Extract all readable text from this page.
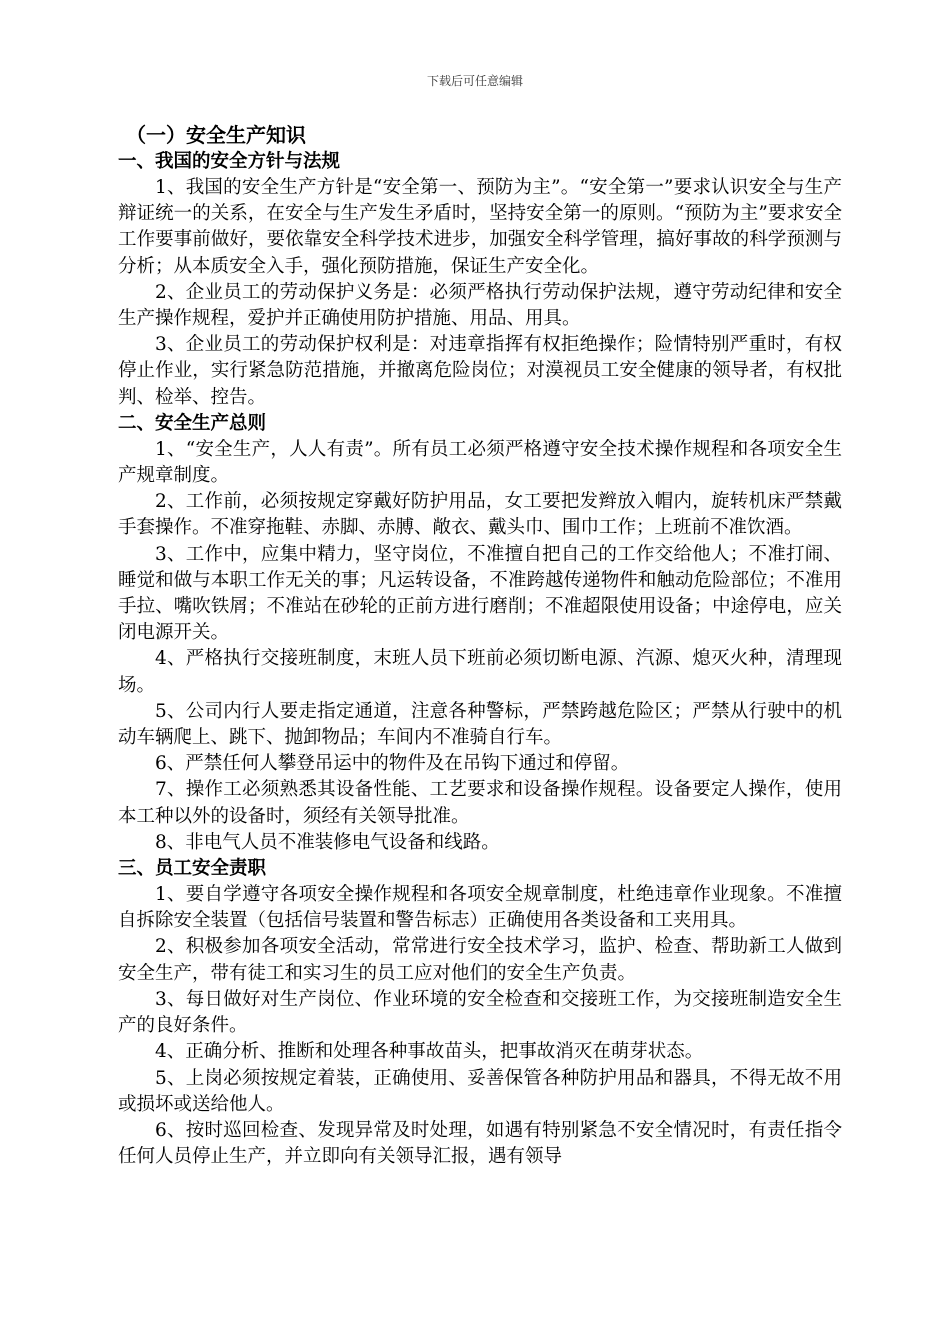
下载后可任意编辑
（一）安全生产知识
一、我国的安全方针与法规

1、我国的安全生产方针是“安全第一、预防为主”。“安全第一”要求认识安全与生产辩证统一的关系，在安全与生产发生矛盾时，坚持安全第一的原则。“预防为主”要求安全工作要事前做好，要依靠安全科学技术进步，加强安全科学管理，搞好事故的科学预测与分析；从本质安全入手，强化预防措施，保证生产安全化。

2、企业员工的劳动保护义务是：必须严格执行劳动保护法规，遵守劳动纪律和安全生产操作规程，爱护并正确使用防护措施、用品、用具。

3、企业员工的劳动保护权利是：对违章指挥有权拒绝操作；险情特别严重时，有权停止作业，实行紧急防范措施，并撤离危险岗位；对漠视员工安全健康的领导者，有权批判、检举、控告。

二、安全生产总则

1、“安全生产，人人有责”。所有员工必须严格遵守安全技术操作规程和各项安全生产规章制度。

2、工作前，必须按规定穿戴好防护用品，女工要把发辫放入帽内，旋转机床严禁戴手套操作。不准穿拖鞋、赤脚、赤膊、敞衣、戴头巾、围巾工作；上班前不准饮酒。

3、工作中，应集中精力，坚守岗位，不准擅自把自己的工作交给他人；不准打闹、睡觉和做与本职工作无关的事；凡运转设备，不准跨越传递物件和触动危险部位；不准用手拉、嘴吹铁屑；不准站在砂轮的正前方进行磨削；不准超限使用设备；中途停电，应关闭电源开关。

4、严格执行交接班制度，末班人员下班前必须切断电源、汽源、熄灭火种，清理现场。

5、公司内行人要走指定通道，注意各种警标，严禁跨越危险区；严禁从行驶中的机动车辆爬上、跳下、抛卸物品；车间内不准骑自行车。

6、严禁任何人攀登吊运中的物件及在吊钩下通过和停留。

7、操作工必须熟悉其设备性能、工艺要求和设备操作规程。设备要定人操作，使用本工种以外的设备时，须经有关领导批准。

8、非电气人员不准装修电气设备和线路。

三、员工安全责职

1、要自学遵守各项安全操作规程和各项安全规章制度，杜绝违章作业现象。不准擅自拆除安全装置（包括信号装置和警告标志）正确使用各类设备和工夹用具。

2、积极参加各项安全活动，常常进行安全技术学习，监护、检查、帮助新工人做到安全生产，带有徒工和实习生的员工应对他们的安全生产负责。

3、每日做好对生产岗位、作业环境的安全检查和交接班工作，为交接班制造安全生产的良好条件。

4、正确分析、推断和处理各种事故苗头，把事故消灭在萌芽状态。

5、上岗必须按规定着装，正确使用、妥善保管各种防护用品和器具，不得无故不用或损坏或送给他人。

6、按时巡回检查、发现异常及时处理，如遇有特别紧急不安全情况时，有责任指令任何人员停止生产，并立即向有关领导汇报，遇有领导
